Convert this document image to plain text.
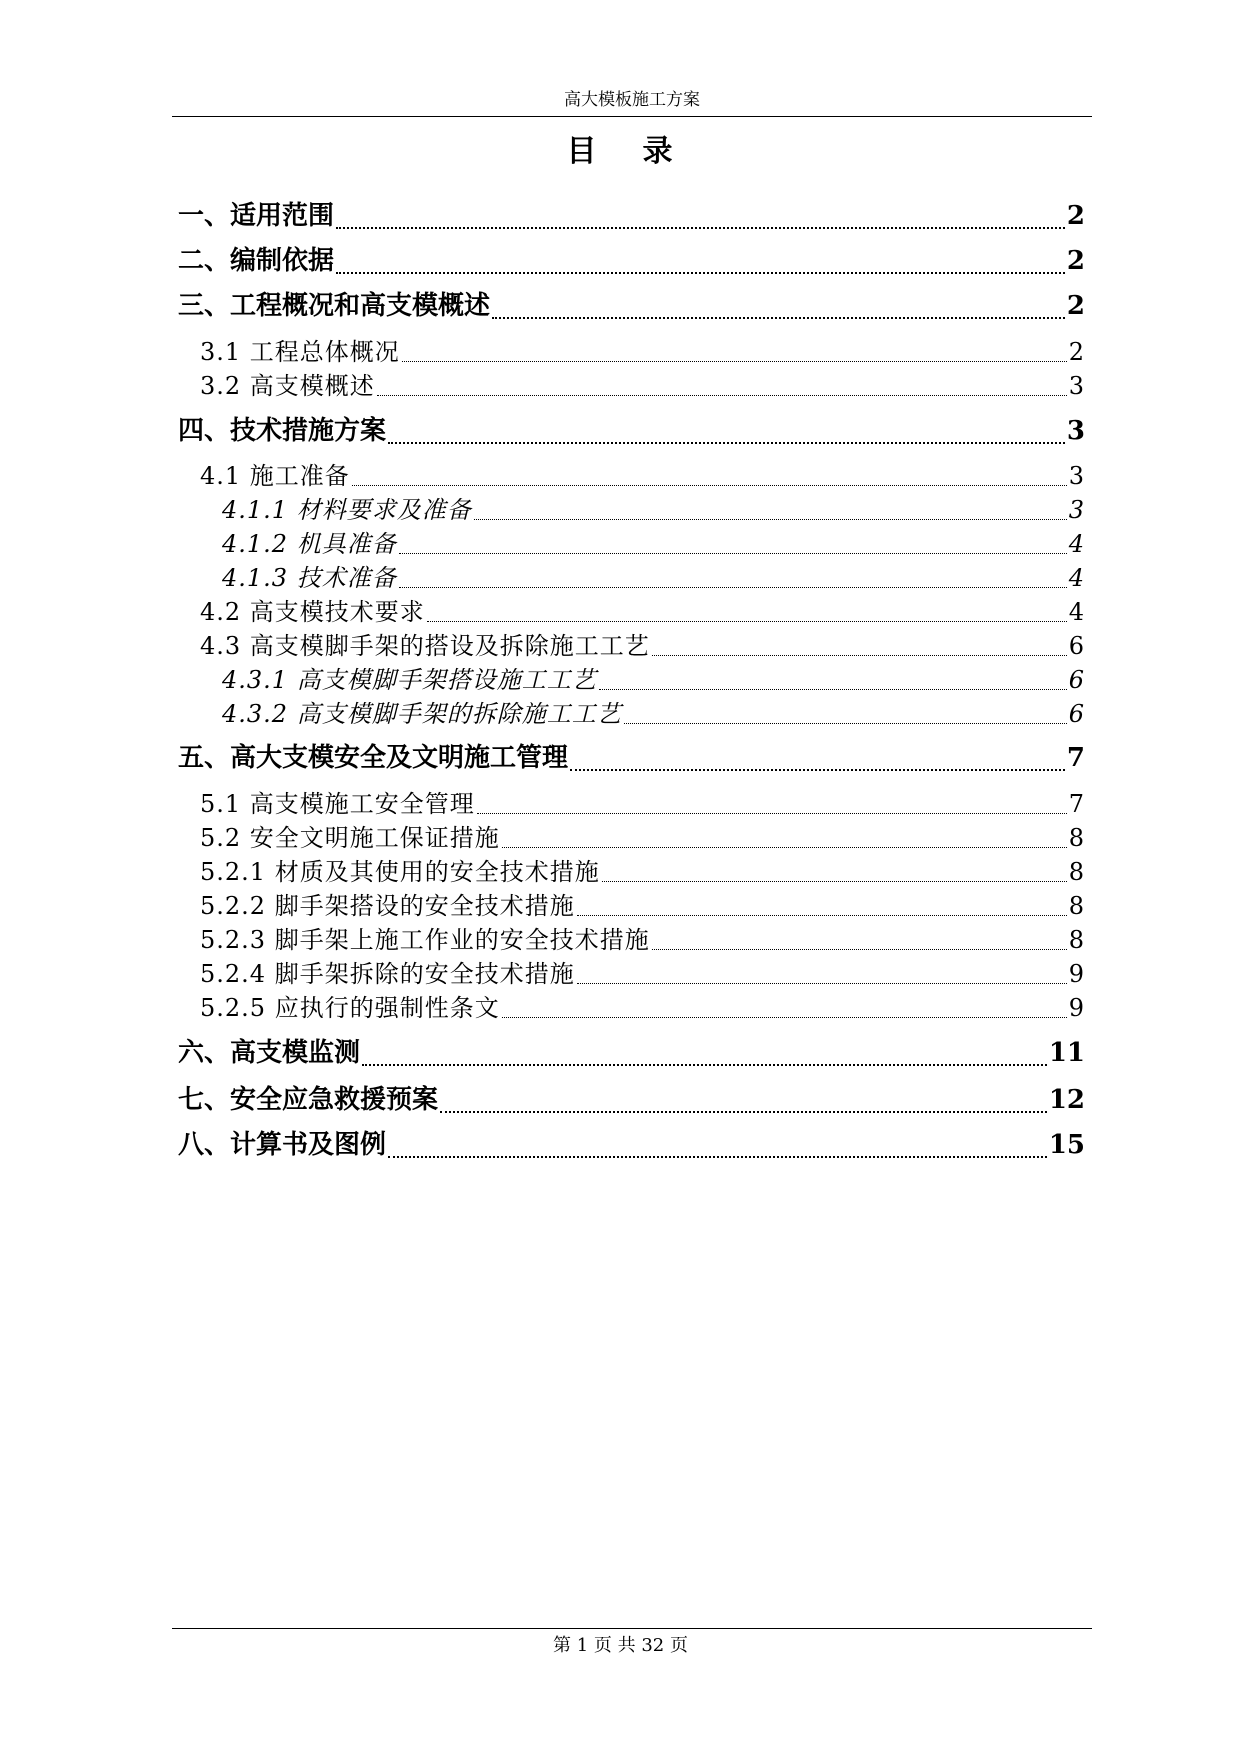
高大模板施工方案
目 录
一、适用范围	2
二、编制依据	2
三、工程概况和高支模概述	2
3.1 工程总体概况	2
3.2 高支模概述	3
四、技术措施方案	3
4.1 施工准备	3
4.1.1 材料要求及准备	3
4.1.2 机具准备	4
4.1.3 技术准备	4
4.2 高支模技术要求	4
4.3 高支模脚手架的搭设及拆除施工工艺	6
4.3.1 高支模脚手架搭设施工工艺	6
4.3.2 高支模脚手架的拆除施工工艺	6
五、高大支模安全及文明施工管理	7
5.1 高支模施工安全管理	7
5.2 安全文明施工保证措施	8
5.2.1 材质及其使用的安全技术措施	8
5.2.2 脚手架搭设的安全技术措施	8
5.2.3 脚手架上施工作业的安全技术措施	8
5.2.4 脚手架拆除的安全技术措施	9
5.2.5 应执行的强制性条文	9
六、高支模监测	11
七、安全应急救援预案	12
八、计算书及图例	15
第 1 页 共 32 页
